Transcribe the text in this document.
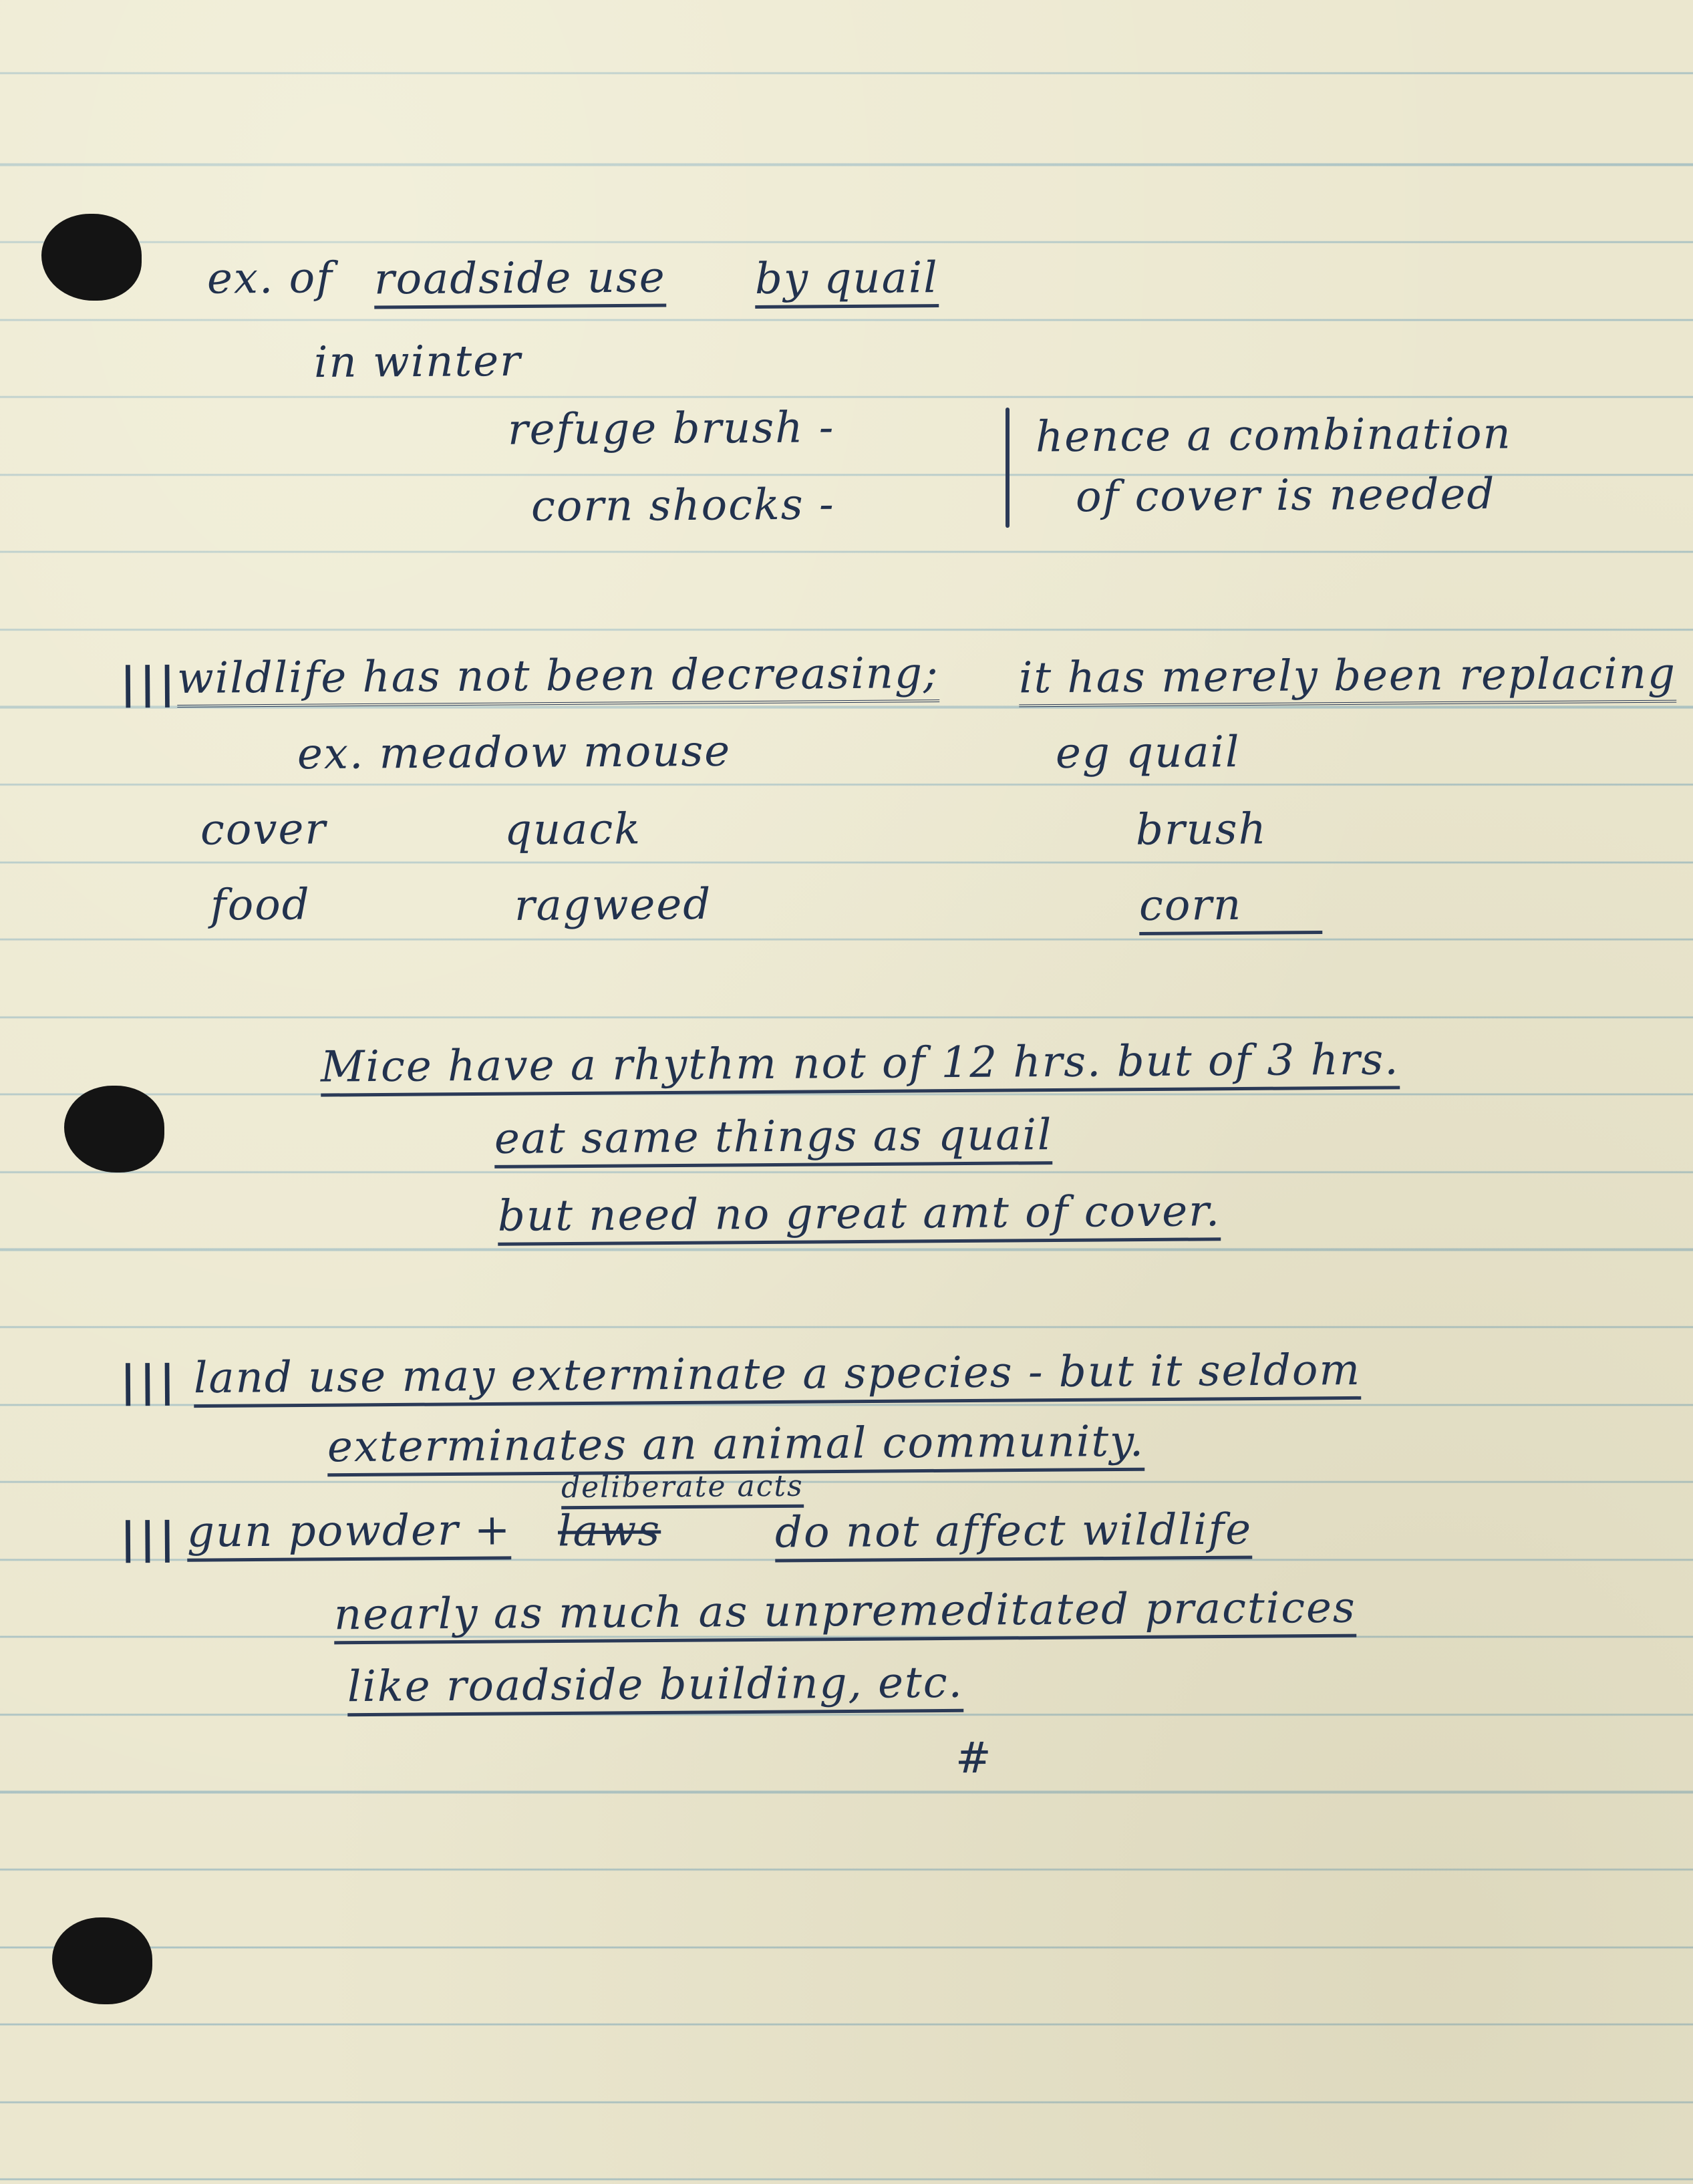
ex. of roadside use by quail
in winter
refuge brush -
corn shocks -
hence a combination
of cover is needed
|||
wildlife has not been decreasing; it has merely been replacing
ex. meadow mouse	eg quail
cover	quack	brush
food	ragweed	corn
Mice have a rhythm not of 12 hrs. but of 3 hrs.
eat same things as quail
but need no great amt of cover.
||| land use may exterminate a species - but it seldom
exterminates an animal community.
deliberate acts
||| gun powder + laws	do not affect wildlife
nearly as much as unpremeditated practices
like roadside building, etc.
#
